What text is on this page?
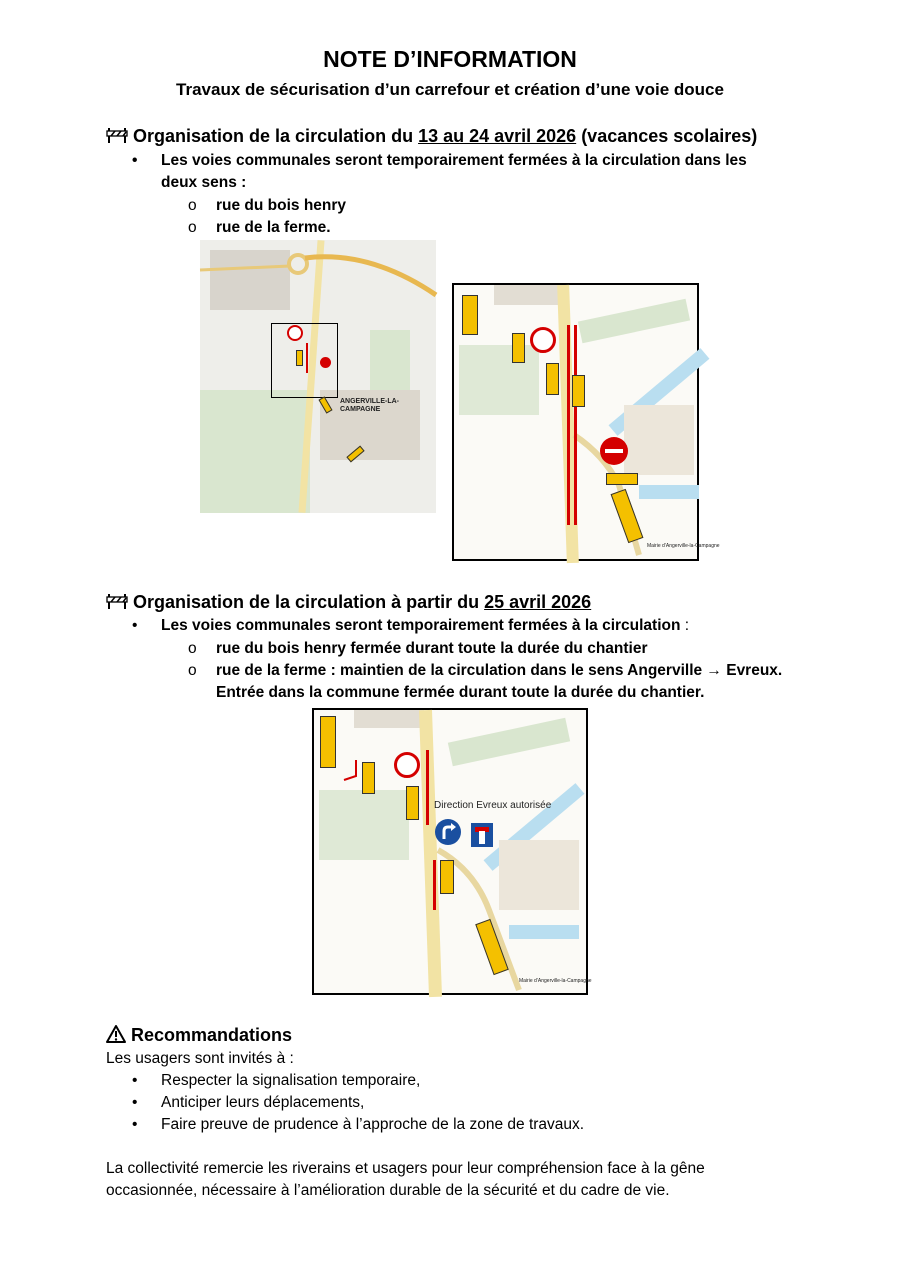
NOTE D’INFORMATION
Travaux de sécurisation d’un carrefour et création d’une voie douce
Organisation de la circulation du 13 au 24 avril 2026 (vacances scolaires)
• Les voies communales seront temporairement fermées à la circulation dans les
deux sens :
o rue du bois henry
o rue de la ferme.
ANGERVILLE-LA-CAMPAGNE
Mairie d’Angerville-la-Campagne
Organisation de la circulation à partir du 25 avril 2026
• Les voies communales seront temporairement fermées à la circulation :
o rue du bois henry fermée durant toute la durée du chantier
o rue de la ferme : maintien de la circulation dans le sens Angerville → Evreux.
Entrée dans la commune fermée durant toute la durée du chantier.
Direction Evreux autorisée
Mairie d’Angerville-la-Campagne
Recommandations
Les usagers sont invités à :
• Respecter la signalisation temporaire,
• Anticiper leurs déplacements,
• Faire preuve de prudence à l’approche de la zone de travaux.
La collectivité remercie les riverains et usagers pour leur compréhension face à la gêne
occasionnée, nécessaire à l’amélioration durable de la sécurité et du cadre de vie.
